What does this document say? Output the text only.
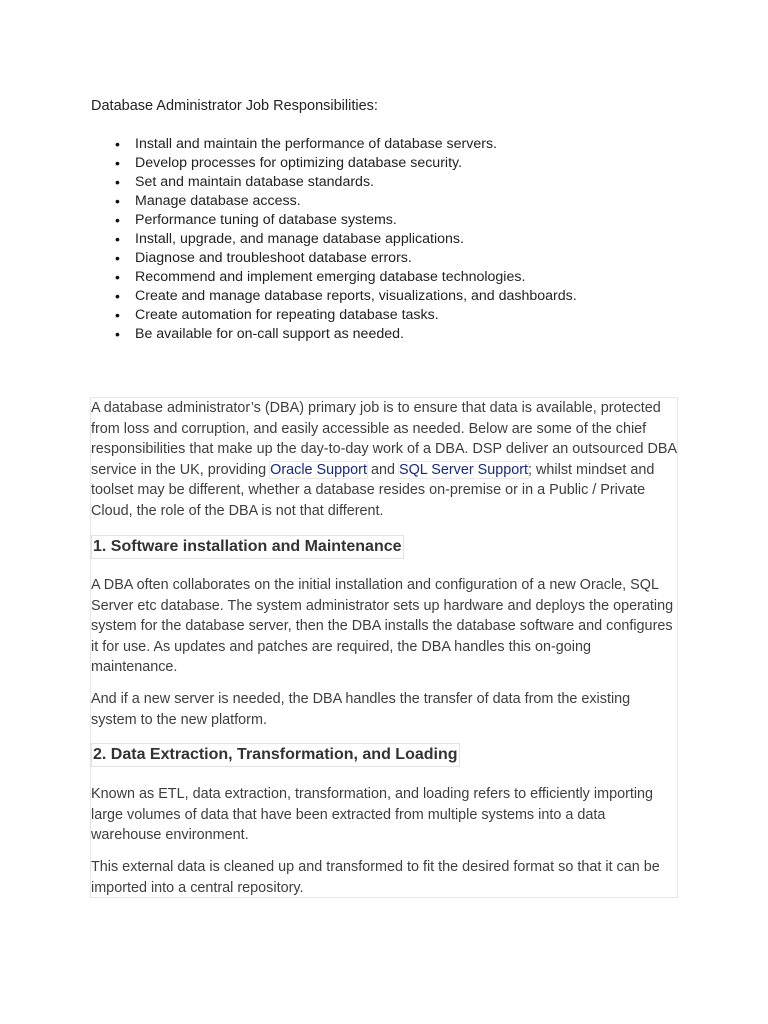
Database Administrator Job Responsibilities:
• Install and maintain the performance of database servers.
• Develop processes for optimizing database security.
• Set and maintain database standards.
• Manage database access.
• Performance tuning of database systems.
• Install, upgrade, and manage database applications.
• Diagnose and troubleshoot database errors.
• Recommend and implement emerging database technologies.
• Create and manage database reports, visualizations, and dashboards.
• Create automation for repeating database tasks.
• Be available for on-call support as needed.

A database administrator’s (DBA) primary job is to ensure that data is available, protected from loss and corruption, and easily accessible as needed. Below are some of the chief responsibilities that make up the day-to-day work of a DBA. DSP deliver an outsourced DBA service in the UK, providing Oracle Support and SQL Server Support; whilst mindset and toolset may be different, whether a database resides on-premise or in a Public / Private Cloud, the role of the DBA is not that different.

1. Software installation and Maintenance

A DBA often collaborates on the initial installation and configuration of a new Oracle, SQL Server etc database. The system administrator sets up hardware and deploys the operating system for the database server, then the DBA installs the database software and configures it for use. As updates and patches are required, the DBA handles this on-going maintenance.

And if a new server is needed, the DBA handles the transfer of data from the existing system to the new platform.

2. Data Extraction, Transformation, and Loading

Known as ETL, data extraction, transformation, and loading refers to efficiently importing large volumes of data that have been extracted from multiple systems into a data warehouse environment.

This external data is cleaned up and transformed to fit the desired format so that it can be imported into a central repository.
